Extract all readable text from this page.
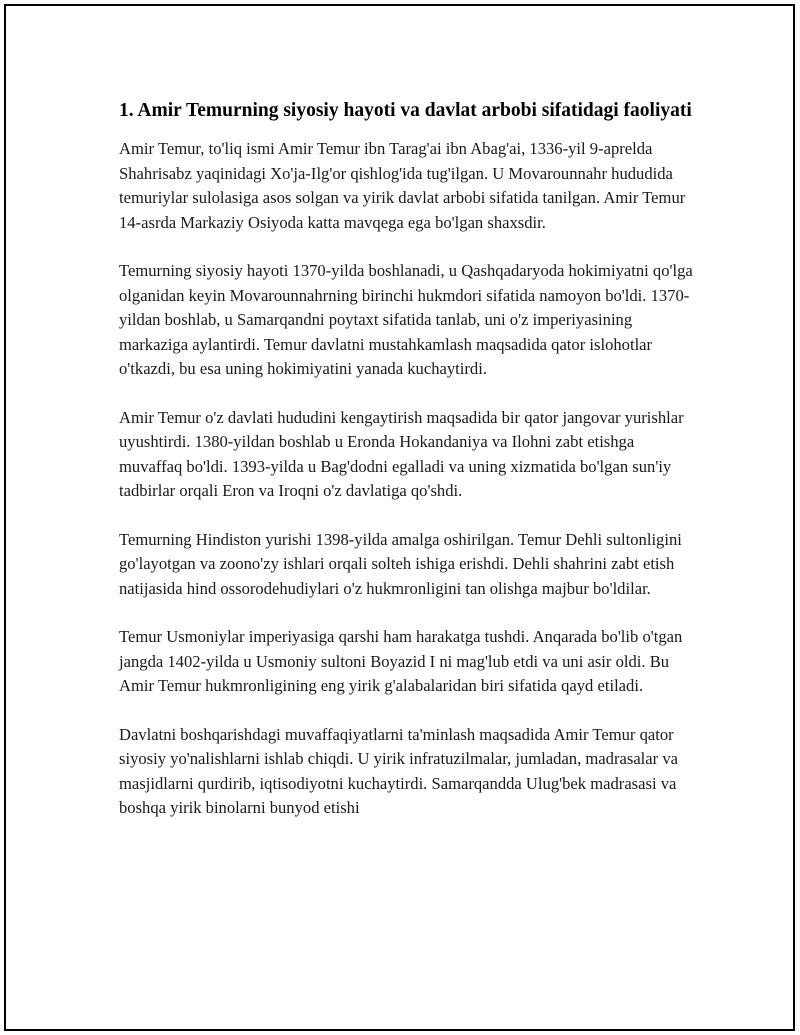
1. Amir Temurning siyosiy hayoti va davlat arbobi sifatidagi faoliyati

Amir Temur, to'liq ismi Amir Temur ibn Tarag'ai ibn Abag'ai, 1336-yil 9-aprelda Shahrisabz yaqinidagi Xo'ja-Ilg'or qishlog'ida tug'ilgan. U Movarounnahr hududida temuriylar sulolasiga asos solgan va yirik davlat arbobi sifatida tanilgan. Amir Temur 14-asrda Markaziy Osiyoda katta mavqega ega bo'lgan shaxsdir.

Temurning siyosiy hayoti 1370-yilda boshlanadi, u Qashqadaryoda hokimiyatni qo'lga olganidan keyin Movarounnahrning birinchi hukmdori sifatida namoyon bo'ldi. 1370-yildan boshlab, u Samarqandni poytaxt sifatida tanlab, uni o'z imperiyasining markaziga aylantirdi. Temur davlatni mustahkamlash maqsadida qator islohotlar o'tkazdi, bu esa uning hokimiyatini yanada kuchaytirdi.

Amir Temur o'z davlati hududini kengaytirish maqsadida bir qator jangovar yurishlar uyushtirdi. 1380-yildan boshlab u Eronda Hokandaniya va Ilohni zabt etishga muvaffaq bo'ldi. 1393-yilda u Bag'dodni egalladi va uning xizmatida bo'lgan sun'iy tadbirlar orqali Eron va Iroqni o'z davlatiga qo'shdi.

Temurning Hindiston yurishi 1398-yilda amalga oshirilgan. Temur Dehli sultonligini go'layotgan va zoono'zy ishlari orqali solteh ishiga erishdi. Dehli shahrini zabt etish natijasida hind ossorodehudiylari o'z hukmronligini tan olishga majbur bo'ldilar.

Temur Usmoniylar imperiyasiga qarshi ham harakatga tushdi. Anqarada bo'lib o'tgan jangda 1402-yilda u Usmoniy sultoni Boyazid I ni mag'lub etdi va uni asir oldi. Bu Amir Temur hukmronligining eng yirik g'alabalaridan biri sifatida qayd etiladi.

Davlatni boshqarishdagi muvaffaqiyatlarni ta'minlash maqsadida Amir Temur qator siyosiy yo'nalishlarni ishlab chiqdi. U yirik infratuzilmalar, jumladan, madrasalar va masjidlarni qurdirib, iqtisodiyotni kuchaytirdi. Samarqandda Ulug'bek madrasasi va boshqa yirik binolarni bunyod etishi
